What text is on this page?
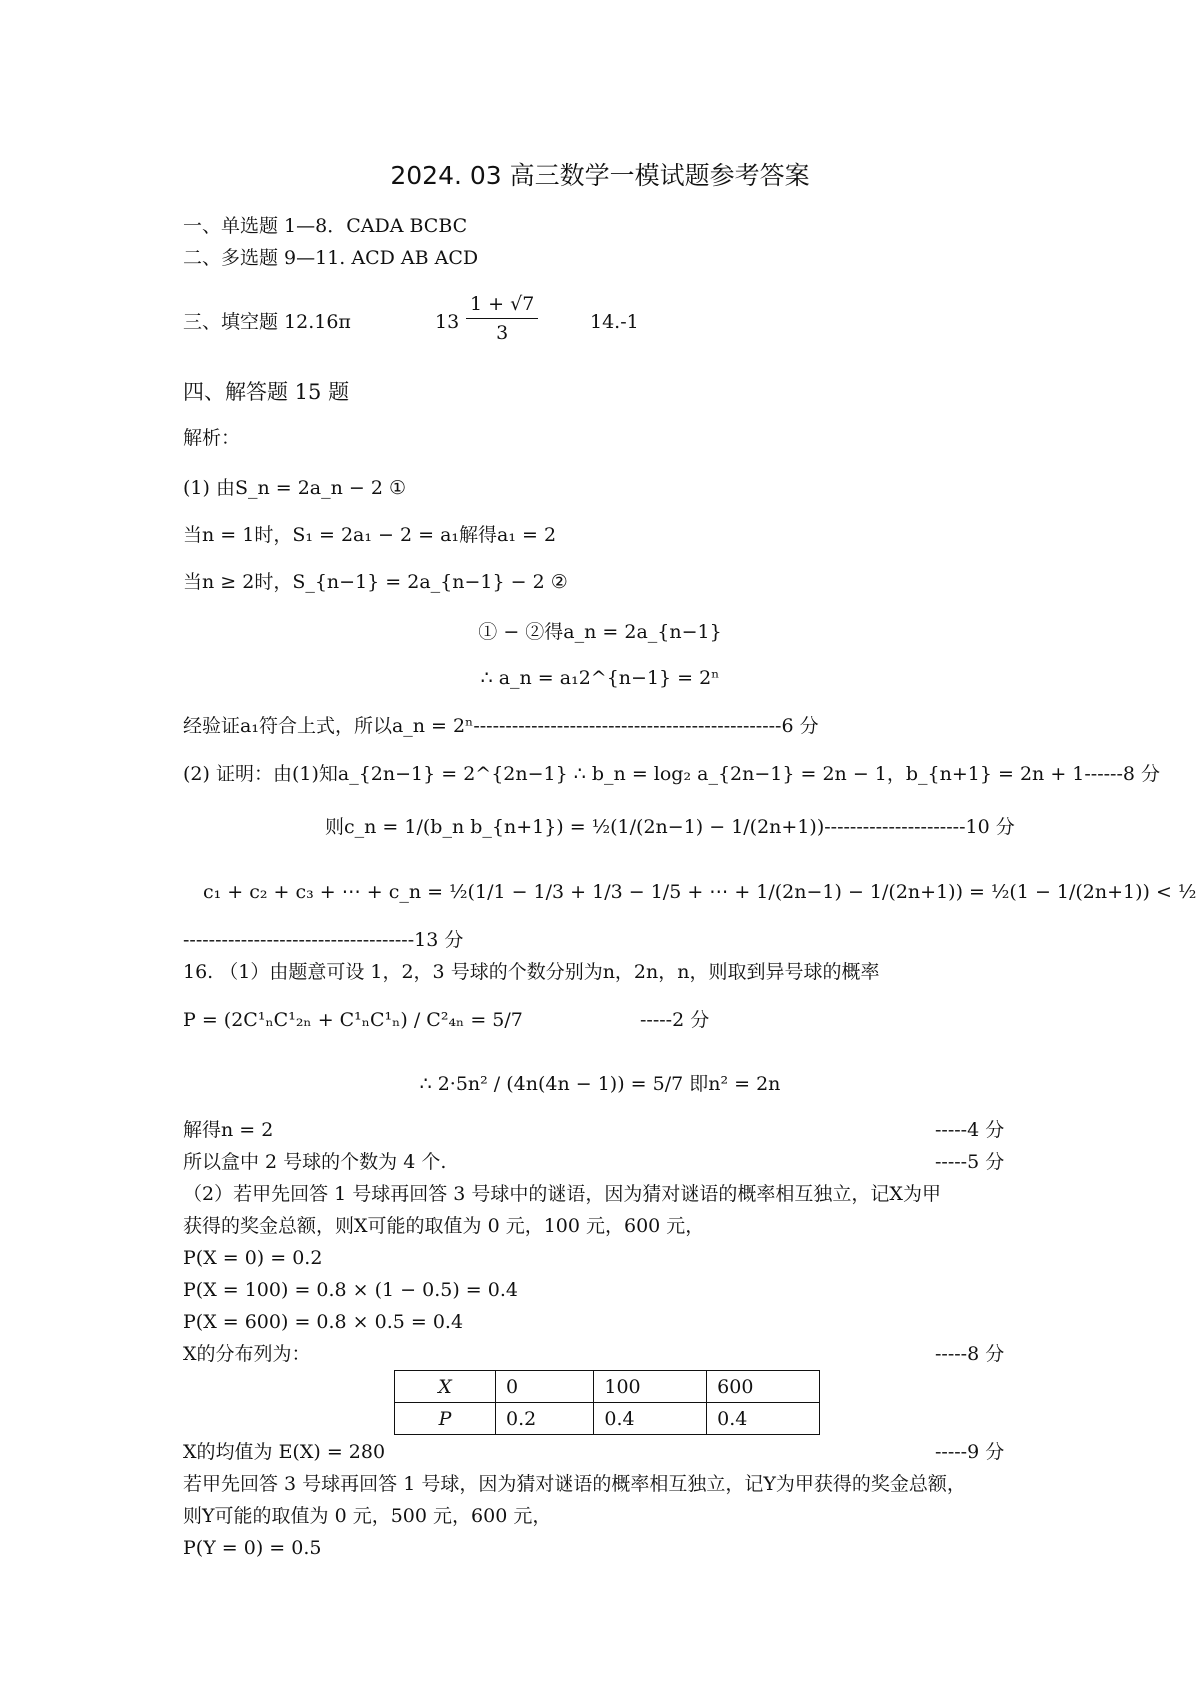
2024. 03 高三数学一模试题参考答案
一、单选题 1—8．CADA BCBC
二、多选题 9—11. ACD AB ACD
三、填空题 12.16π	$13 \frac{1 + √7}{3}$	14.-1
四、解答题 15 题
解析：
(1) 由S_n = 2a_n − 2 ①
当n = 1时，S₁ = 2a₁ − 2 = a₁解得a₁ = 2
当n ≥ 2时，S_{n−1} = 2a_{n−1} − 2 ②
① − ②得a_n = 2a_{n−1}
∴ a_n = a₁2^{n−1} = 2ⁿ
经验证a₁符合上式，所以a_n = 2ⁿ------------------------------------------------6 分
(2) 证明：由(1)知a_{2n−1} = 2^{2n−1} ∴ b_n = log₂ a_{2n−1} = 2n − 1，b_{n+1} = 2n + 1------8 分
则c_n = 1/(b_n b_{n+1}) = ½(1/(2n−1) − 1/(2n+1))----------------------10 分
c₁ + c₂ + c₃ + ⋯ + c_n = ½(1/1 − 1/3 + 1/3 − 1/5 + ⋯ + 1/(2n−1) − 1/(2n+1)) = ½(1 − 1/(2n+1)) < ½
------------------------------------13 分
16. （1）由题意可设 1，2，3 号球的个数分别为n，2n，n，则取到异号球的概率
P = (2C¹ₙC¹₂ₙ + C¹ₙC¹ₙ) / C²₄ₙ = 5/7	-----2 分
∴ 2·5n² / (4n(4n − 1)) = 5/7 即n² = 2n
解得n = 2	-----4 分
所以盒中 2 号球的个数为 4 个.	-----5 分
（2）若甲先回答 1 号球再回答 3 号球中的谜语，因为猜对谜语的概率相互独立，记X为甲
获得的奖金总额，则X可能的取值为 0 元，100 元，600 元，
P(X = 0) = 0.2
P(X = 100) = 0.8 × (1 − 0.5) = 0.4
P(X = 600) = 0.8 × 0.5 = 0.4
X的分布列为：	-----8 分
X	0	100	600
P	0.2	0.4	0.4
X的均值为 E(X) = 280	-----9 分
若甲先回答 3 号球再回答 1 号球，因为猜对谜语的概率相互独立，记Y为甲获得的奖金总额，
则Y可能的取值为 0 元，500 元，600 元，
P(Y = 0) = 0.5
